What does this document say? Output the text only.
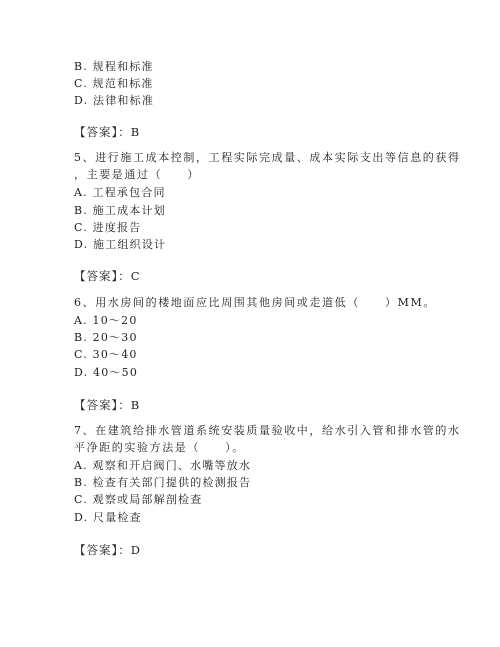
B. 规程和标准
C. 规范和标准
D. 法律和标准
【答案】：B
5、进行施工成本控制，工程实际完成量、成本实际支出等信息的获得
，主要是通过（　　）
A. 工程承包合同
B. 施工成本计划
C. 进度报告
D. 施工组织设计
【答案】：C
6、用水房间的楼地面应比周围其他房间或走道低（　　）MM。
A. 10～20
B. 20～30
C. 30～40
D. 40～50
【答案】：B
7、在建筑给排水管道系统安装质量验收中，给水引入管和排水管的水
平净距的实验方法是（　　）。
A. 观察和开启阀门、水嘴等放水
B. 检查有关部门提供的检测报告
C. 观察或局部解剖检查
D. 尺量检查
【答案】：D
